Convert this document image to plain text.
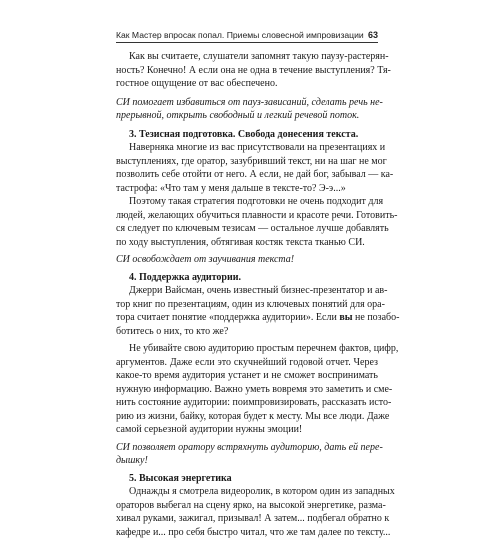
Как Мастер впросак попал. Приемы словесной импровизации 63
Как вы считаете, слушатели запомнят такую паузу-растерян-
ность? Конечно! А если она не одна в течение выступления? Тя-
гостное ощущение от вас обеспечено.
СИ помогает избавиться от пауз-зависаний, сделать речь не-
прерывной, открыть свободный и легкий речевой поток.
3. Тезисная подготовка. Свобода донесения текста.
Наверняка многие из вас присутствовали на презентациях и
выступлениях, где оратор, зазубривший текст, ни на шаг не мог
позволить себе отойти от него. А если, не дай бог, забывал — ка-
тастрофа: «Что там у меня дальше в тексте-то? Э-э...»
Поэтому такая стратегия подготовки не очень подходит для
людей, желающих обучиться плавности и красоте речи. Готовить-
ся следует по ключевым тезисам — остальное лучше добавлять
по ходу выступления, обтягивая костяк текста тканью СИ.
СИ освобождает от заучивания текста!
4. Поддержка аудитории.
Джерри Вайсман, очень известный бизнес-презентатор и ав-
тор книг по презентациям, один из ключевых понятий для ора-
тора считает понятие «поддержка аудитории». Если вы не позабо-
ботитесь о них, то кто же?
Не убивайте свою аудиторию простым перечнем фактов, цифр,
аргументов. Даже если это скучнейший годовой отчет. Через
какое-то время аудитория устанет и не сможет воспринимать
нужную информацию. Важно уметь вовремя это заметить и сме-
нить состояние аудитории: поимпровизировать, рассказать исто-
рию из жизни, байку, которая будет к месту. Мы все люди. Даже
самой серьезной аудитории нужны эмоции!
СИ позволяет оратору встряхнуть аудиторию, дать ей пере-
дышку!
5. Высокая энергетика
Однажды я смотрела видеоролик, в котором один из западных
ораторов выбегал на сцену ярко, на высокой энергетике, разма-
хивал руками, зажигал, призывал! А затем... подбегал обратно к
кафедре и... про себя быстро читал, что же там далее по тексту...
